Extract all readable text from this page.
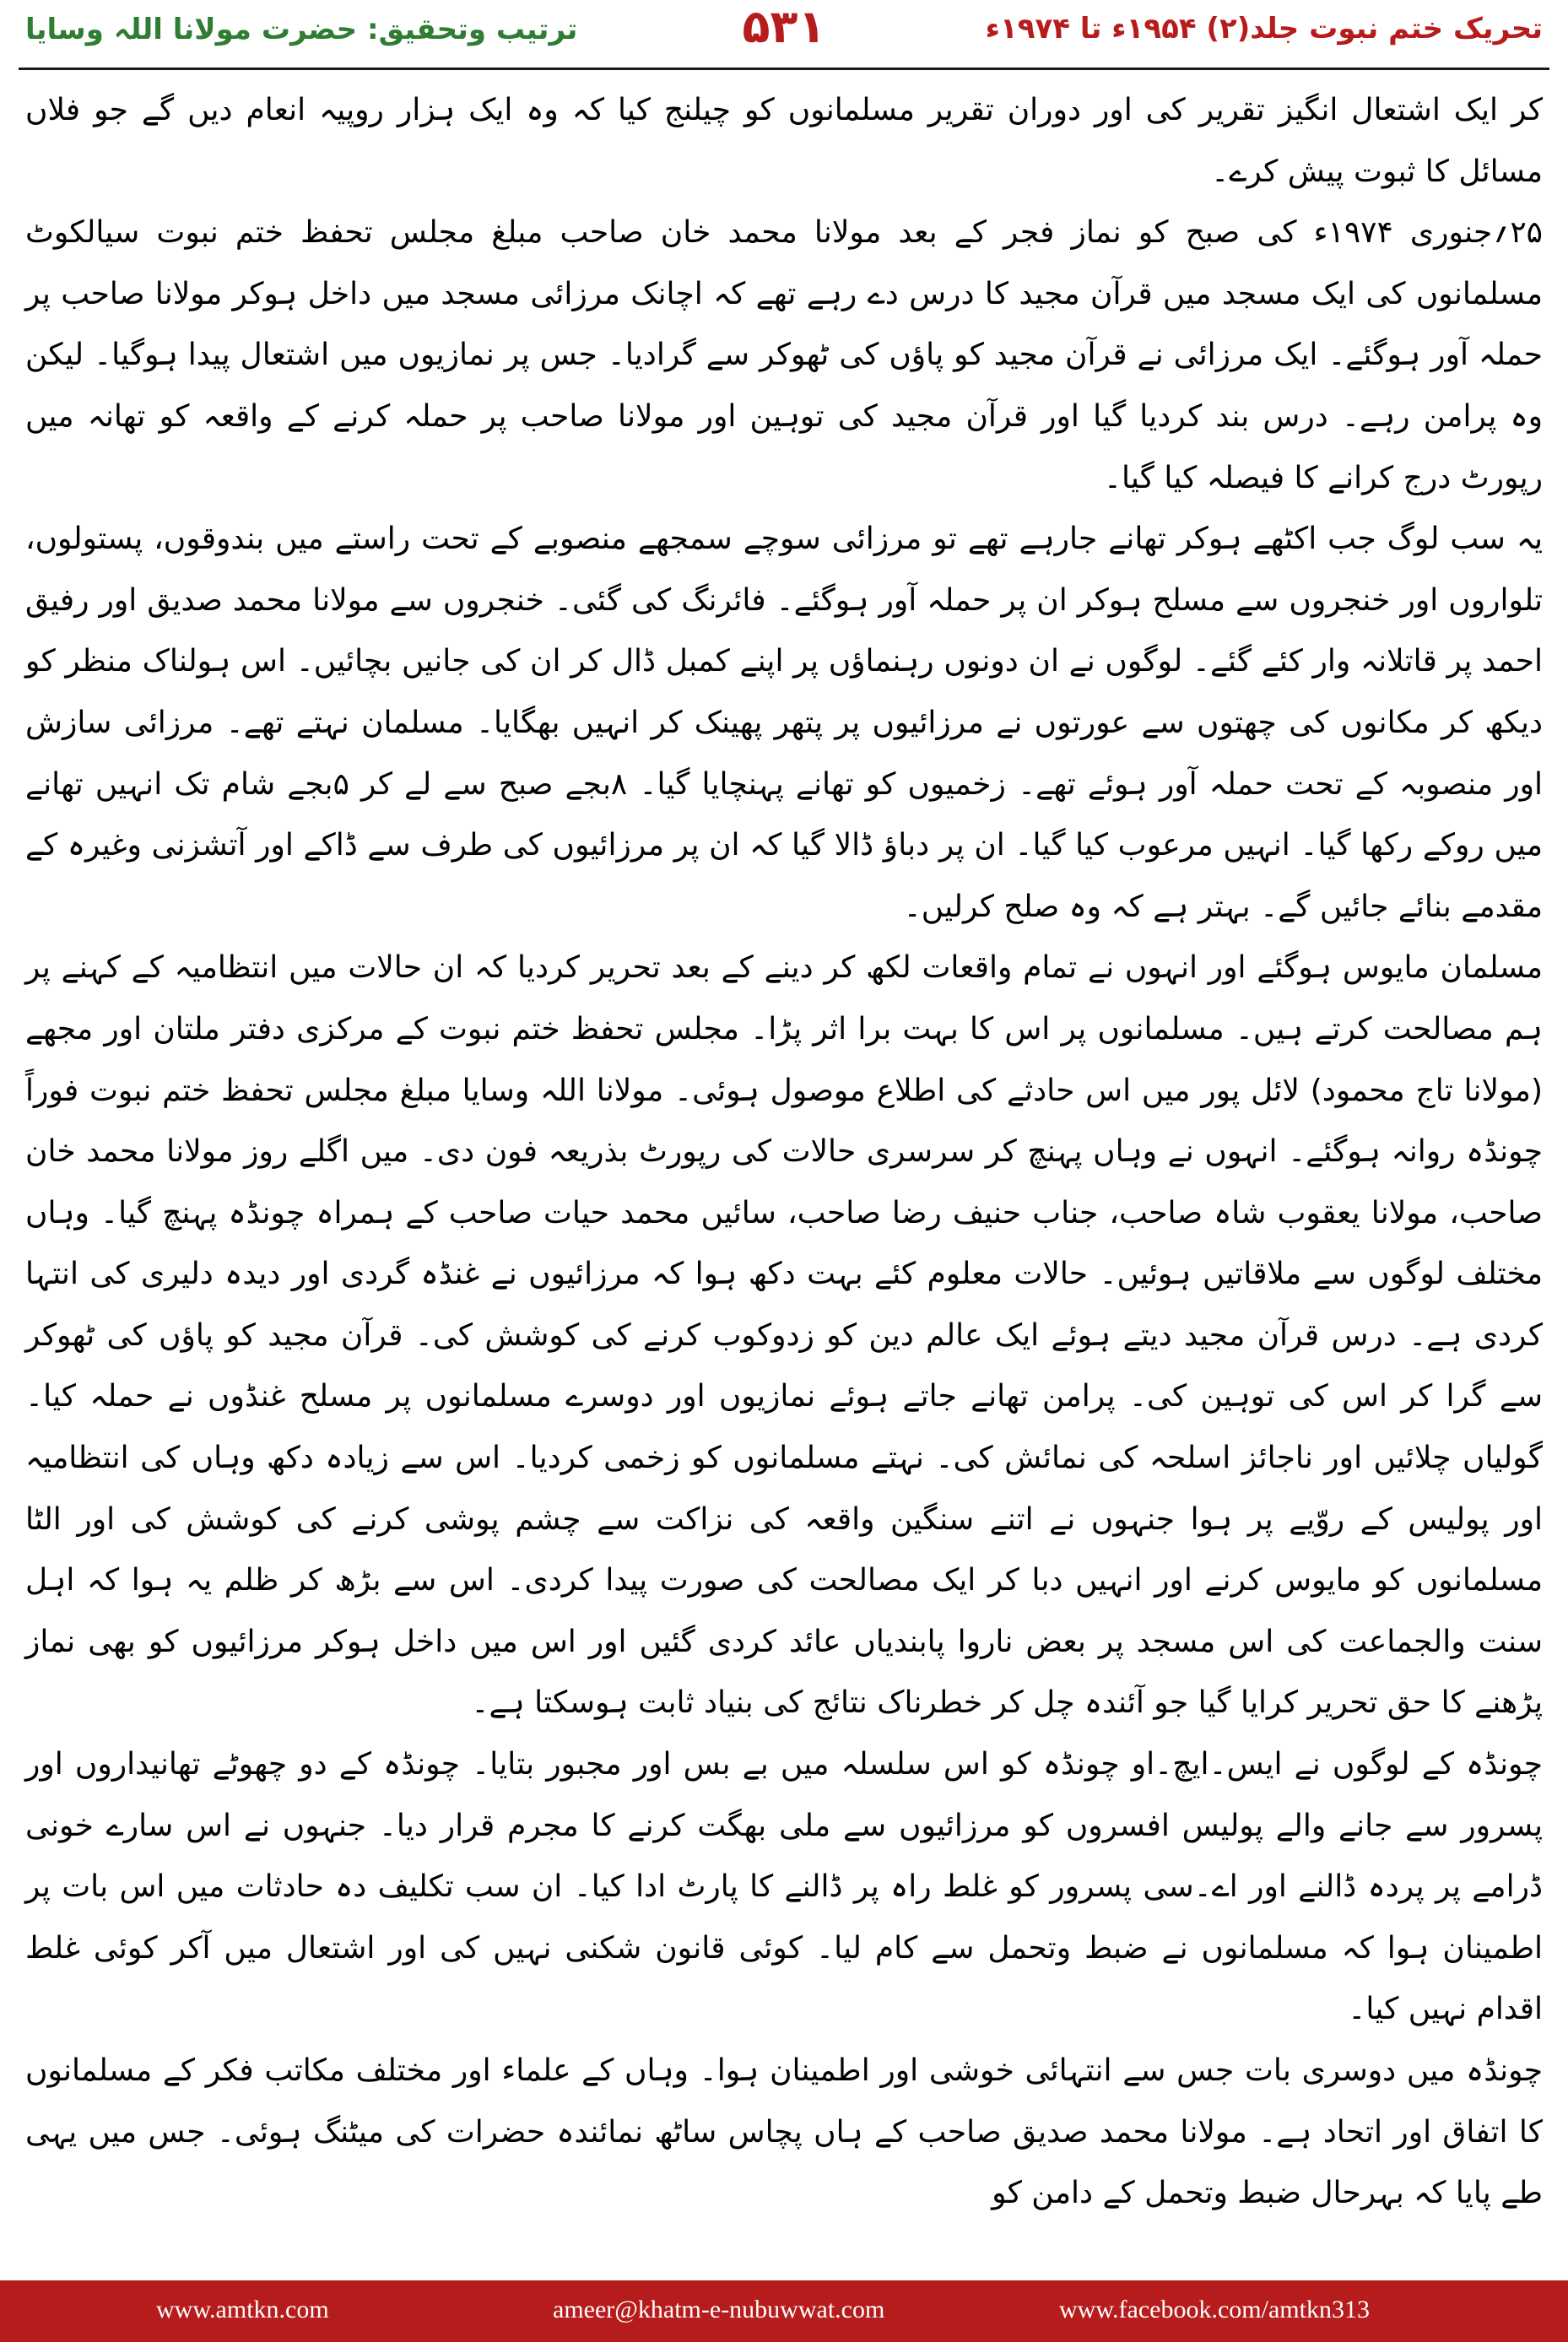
ترتیب وتحقیق: حضرت مولانا اللہ وسایا	۵۳۱	تحریک ختم نبوت جلد(۲) ۱۹۵۴ء تا ۱۹۷۴ء

کر ایک اشتعال انگیز تقریر کی اور دوران تقریر مسلمانوں کو چیلنج کیا کہ وہ ایک ہزار روپیہ انعام دیں گے جو فلاں مسائل کا ثبوت پیش کرے۔

۲۵؍جنوری ۱۹۷۴ء کی صبح کو نماز فجر کے بعد مولانا محمد خان صاحب مبلغ مجلس تحفظ ختم نبوت سیالکوٹ مسلمانوں کی ایک مسجد میں قرآن مجید کا درس دے رہے تھے کہ اچانک مرزائی مسجد میں داخل ہوکر مولانا صاحب پر حملہ آور ہوگئے۔ ایک مرزائی نے قرآن مجید کو پاؤں کی ٹھوکر سے گرادیا۔ جس پر نمازیوں میں اشتعال پیدا ہوگیا۔ لیکن وہ پرامن رہے۔ درس بند کردیا گیا اور قرآن مجید کی توہین اور مولانا صاحب پر حملہ کرنے کے واقعہ کو تھانہ میں رپورٹ درج کرانے کا فیصلہ کیا گیا۔

یہ سب لوگ جب اکٹھے ہوکر تھانے جارہے تھے تو مرزائی سوچے سمجھے منصوبے کے تحت راستے میں بندوقوں، پستولوں، تلواروں اور خنجروں سے مسلح ہوکر ان پر حملہ آور ہوگئے۔ فائرنگ کی گئی۔ خنجروں سے مولانا محمد صدیق اور رفیق احمد پر قاتلانہ وار کئے گئے۔ لوگوں نے ان دونوں رہنماؤں پر اپنے کمبل ڈال کر ان کی جانیں بچائیں۔ اس ہولناک منظر کو دیکھ کر مکانوں کی چھتوں سے عورتوں نے مرزائیوں پر پتھر پھینک کر انہیں بھگایا۔ مسلمان نہتے تھے۔ مرزائی سازش اور منصوبہ کے تحت حملہ آور ہوئے تھے۔ زخمیوں کو تھانے پہنچایا گیا۔ ۸بجے صبح سے لے کر ۵بجے شام تک انہیں تھانے میں روکے رکھا گیا۔ انہیں مرعوب کیا گیا۔ ان پر دباؤ ڈالا گیا کہ ان پر مرزائیوں کی طرف سے ڈاکے اور آتشزنی وغیرہ کے مقدمے بنائے جائیں گے۔ بہتر ہے کہ وہ صلح کرلیں۔

مسلمان مایوس ہوگئے اور انہوں نے تمام واقعات لکھ کر دینے کے بعد تحریر کردیا کہ ان حالات میں انتظامیہ کے کہنے پر ہم مصالحت کرتے ہیں۔ مسلمانوں پر اس کا بہت برا اثر پڑا۔ مجلس تحفظ ختم نبوت کے مرکزی دفتر ملتان اور مجھے (مولانا تاج محمود) لائل پور میں اس حادثے کی اطلاع موصول ہوئی۔ مولانا اللہ وسایا مبلغ مجلس تحفظ ختم نبوت فوراً چونڈہ روانہ ہوگئے۔ انہوں نے وہاں پہنچ کر سرسری حالات کی رپورٹ بذریعہ فون دی۔ میں اگلے روز مولانا محمد خان صاحب، مولانا یعقوب شاہ صاحب، جناب حنیف رضا صاحب، سائیں محمد حیات صاحب کے ہمراہ چونڈہ پہنچ گیا۔ وہاں مختلف لوگوں سے ملاقاتیں ہوئیں۔ حالات معلوم کئے بہت دکھ ہوا کہ مرزائیوں نے غنڈہ گردی اور دیدہ دلیری کی انتہا کردی ہے۔ درس قرآن مجید دیتے ہوئے ایک عالم دین کو زدوکوب کرنے کی کوشش کی۔ قرآن مجید کو پاؤں کی ٹھوکر سے گرا کر اس کی توہین کی۔ پرامن تھانے جاتے ہوئے نمازیوں اور دوسرے مسلمانوں پر مسلح غنڈوں نے حملہ کیا۔ گولیاں چلائیں اور ناجائز اسلحہ کی نمائش کی۔ نہتے مسلمانوں کو زخمی کردیا۔ اس سے زیادہ دکھ وہاں کی انتظامیہ اور پولیس کے روّیے پر ہوا جنہوں نے اتنے سنگین واقعہ کی نزاکت سے چشم پوشی کرنے کی کوشش کی اور الٹا مسلمانوں کو مایوس کرنے اور انہیں دبا کر ایک مصالحت کی صورت پیدا کردی۔ اس سے بڑھ کر ظلم یہ ہوا کہ اہل سنت والجماعت کی اس مسجد پر بعض ناروا پابندیاں عائد کردی گئیں اور اس میں داخل ہوکر مرزائیوں کو بھی نماز پڑھنے کا حق تحریر کرایا گیا جو آئندہ چل کر خطرناک نتائج کی بنیاد ثابت ہوسکتا ہے۔

چونڈہ کے لوگوں نے ایس۔ایچ۔او چونڈہ کو اس سلسلہ میں بے بس اور مجبور بتایا۔ چونڈہ کے دو چھوٹے تھانیداروں اور پسرور سے جانے والے پولیس افسروں کو مرزائیوں سے ملی بھگت کرنے کا مجرم قرار دیا۔ جنہوں نے اس سارے خونی ڈرامے پر پردہ ڈالنے اور اے۔سی پسرور کو غلط راہ پر ڈالنے کا پارٹ ادا کیا۔ ان سب تکلیف دہ حادثات میں اس بات پر اطمینان ہوا کہ مسلمانوں نے ضبط وتحمل سے کام لیا۔ کوئی قانون شکنی نہیں کی اور اشتعال میں آکر کوئی غلط اقدام نہیں کیا۔

چونڈہ میں دوسری بات جس سے انتہائی خوشی اور اطمینان ہوا۔ وہاں کے علماء اور مختلف مکاتب فکر کے مسلمانوں کا اتفاق اور اتحاد ہے۔ مولانا محمد صدیق صاحب کے ہاں پچاس ساٹھ نمائندہ حضرات کی میٹنگ ہوئی۔ جس میں یہی طے پایا کہ بہرحال ضبط وتحمل کے دامن کو

www.amtkn.com	ameer@khatm-e-nubuwwat.com	www.facebook.com/amtkn313
